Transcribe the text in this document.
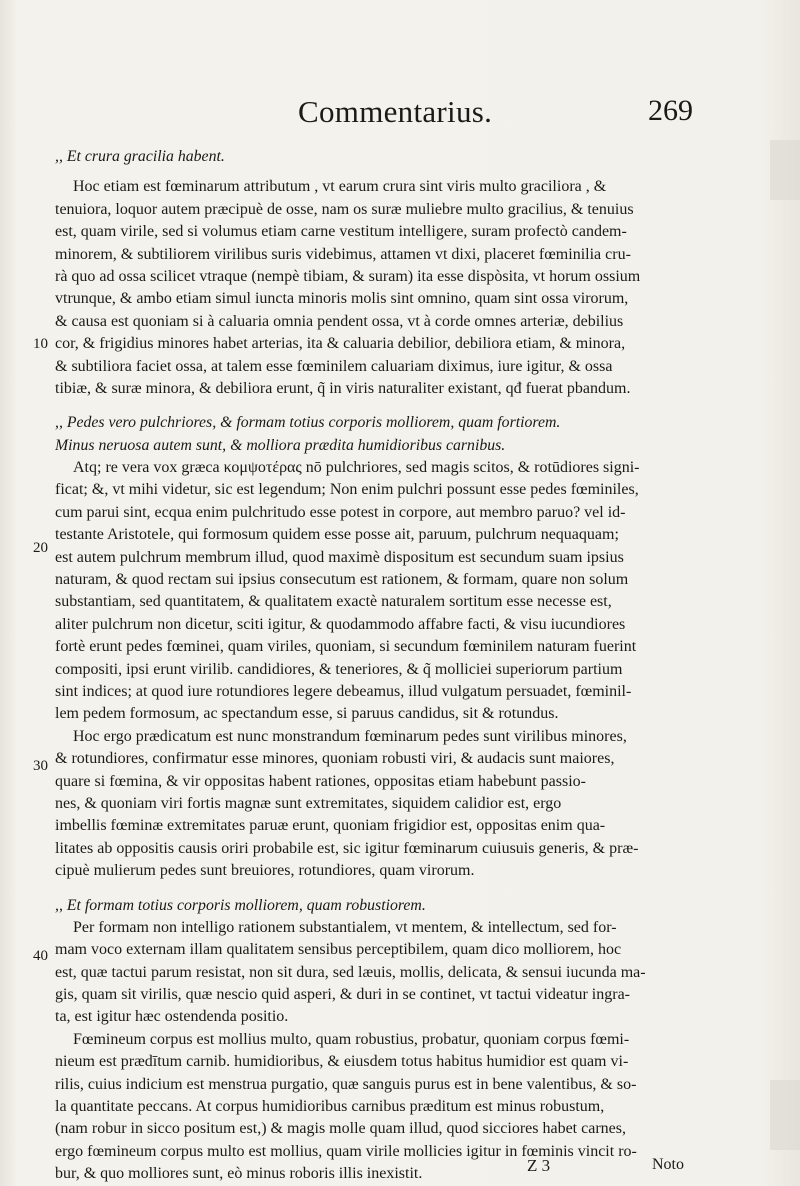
Commentarius.	269
10
20
30
40
,, Et crura gracilia habent.
Hoc etiam est fœminarum attributum , vt earum crura sint viris multo graciliora , &
tenuiora, loquor autem præcipuè de osse, nam os suræ muliebre multo gracilius, & tenuius
est, quam virile, sed si volumus etiam carne vestitum intelligere, suram profectò candem-
minorem, & subtiliorem virilibus suris videbimus, attamen vt dixi, placeret fœminilia cru-
rà quo ad ossa scilicet vtraque (nempè tibiam, & suram) ita esse dispòsita, vt horum ossium
vtrunque, & ambo etiam simul iuncta minoris molis sint omnino, quam sint ossa virorum,
& causa est quoniam si à caluaria omnia pendent ossa, vt à corde omnes arteriæ, debilius
cor, & frigidius minores habet arterias, ita & caluaria debilior, debiliora etiam, & minora,
& subtiliora faciet ossa, at talem esse fœminilem caluariam diximus, iure igitur, & ossa
tibiæ, & suræ minora, & debiliora erunt, q̃ in viris naturaliter existant, qđ fuerat pbandum.
,, Pedes vero pulchriores, & formam totius corporis molliorem, quam fortiorem.
Minus neruosa autem sunt, & molliora prædita humidioribus carnibus.
Atq; re vera vox græca κομψοτέρας nō pulchriores, sed magis scitos, & rotūdiores signi-
ficat; &, vt mihi videtur, sic est legendum; Non enim pulchri possunt esse pedes fœminiles,
cum parui sint, ecqua enim pulchritudo esse potest in corpore, aut membro paruo? vel id-
testante Aristotele, qui formosum quidem esse posse ait, paruum, pulchrum nequaquam;
est autem pulchrum membrum illud, quod maximè dispositum est secundum suam ipsius
naturam, & quod rectam sui ipsius consecutum est rationem, & formam, quare non solum
substantiam, sed quantitatem, & qualitatem exactè naturalem sortitum esse necesse est,
aliter pulchrum non dicetur, sciti igitur, & quodammodo affabre facti, & visu iucundiores
fortè erunt pedes fœminei, quam viriles, quoniam, si secundum fœminilem naturam fuerint
compositi, ipsi erunt virilib. candidiores, & teneriores, & q̃ molliciei superiorum partium
sint indices; at quod iure rotundiores legere debeamus, illud vulgatum persuadet, fœminil-
lem pedem formosum, ac spectandum esse, si paruus candidus, sit & rotundus.
Hoc ergo prædicatum est nunc monstrandum fœminarum pedes sunt virilibus minores,
& rotundiores, confirmatur esse minores, quoniam robusti viri, & audacis sunt maiores,
quare si fœmina, & vir oppositas habent rationes, oppositas etiam habebunt passio-
nes, & quoniam viri fortis magnæ sunt extremitates, siquidem calidior est, ergo
imbellis fœminæ extremitates paruæ erunt, quoniam frigidior est, oppositas enim qua-
litates ab oppositis causis oriri probabile est, sic igitur fœminarum cuiusuis generis, & præ-
cipuè mulierum pedes sunt breuiores, rotundiores, quam virorum.
,, Et formam totius corporis molliorem, quam robustiorem.
Per formam non intelligo rationem substantialem, vt mentem, & intellectum, sed for-
mam voco externam illam qualitatem sensibus perceptibilem, quam dico molliorem, hoc
est, quæ tactui parum resistat, non sit dura, sed læuis, mollis, delicata, & sensui iucunda ma-
gis, quam sit virilis, quæ nescio quid asperi, & duri in se continet, vt tactui videatur ingra-
ta, est igitur hæc ostendenda positio.
Fœmineum corpus est mollius multo, quam robustius, probatur, quoniam corpus fœmi-
nieum est prædītum carnib. humidioribus, & eiusdem totus habitus humidior est quam vi-
rilis, cuius indicium est menstrua purgatio, quæ sanguis purus est in bene valentibus, & so-
la quantitate peccans. At corpus humidioribus carnibus præditum est minus robustum,
(nam robur in sicco positum est,) & magis molle quam illud, quod sicciores habet carnes,
ergo fœmineum corpus multo est mollius, quam virile mollicies igitur in fœminis vincit ro-
bur, & quo molliores sunt, eò minus roboris illis inexistit.	Z 3	Noto
